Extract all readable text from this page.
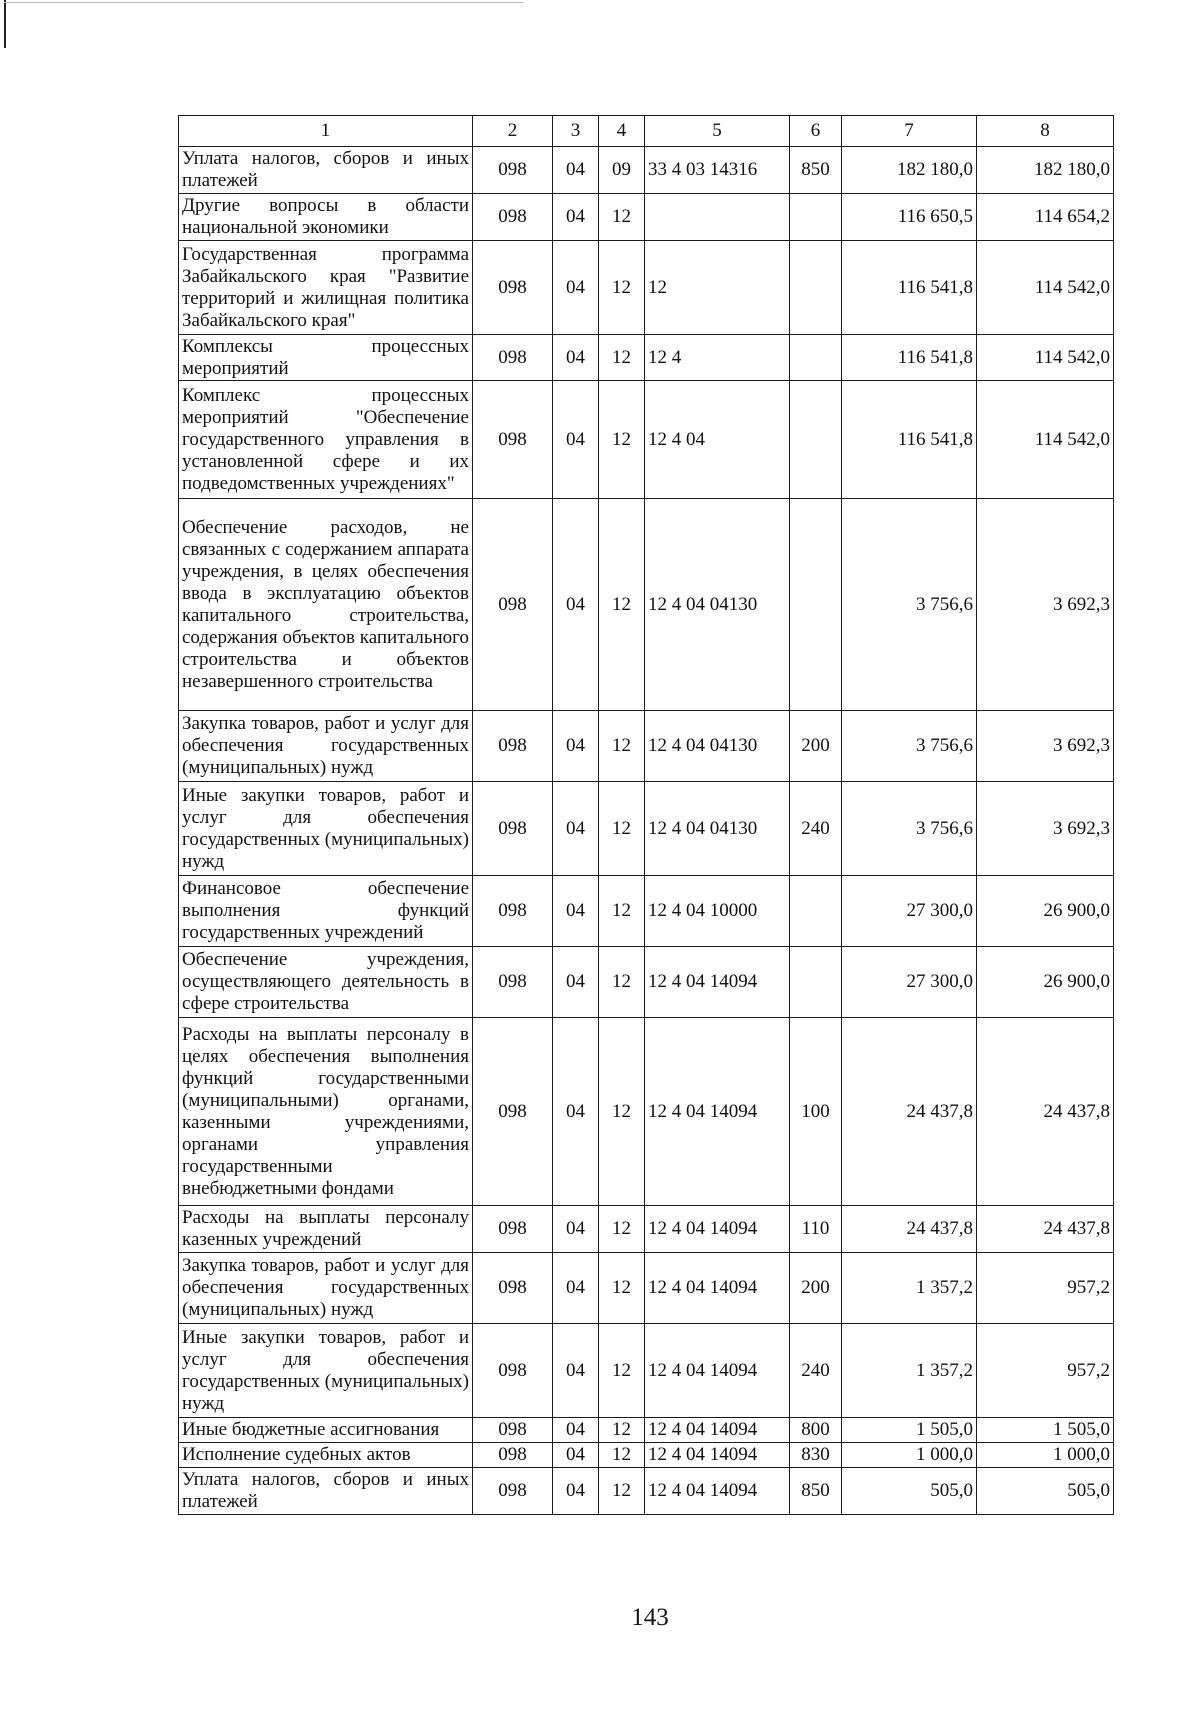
1	2	3	4	5	6	7	8
Уплата налогов, сборов и иных платежей	098	04	09	33 4 03 14316	850	182 180,0	182 180,0
Другие вопросы в области национальной экономики	098	04	12			116 650,5	114 654,2
Государственная программа Забайкальского края "Развитие территорий и жилищная политика Забайкальского края"	098	04	12	12		116 541,8	114 542,0
Комплексы процессных мероприятий	098	04	12	12 4		116 541,8	114 542,0
Комплекс процессных мероприятий "Обеспечение государственного управления в установленной сфере и их подведомственных учреждениях"	098	04	12	12 4 04		116 541,8	114 542,0
Обеспечение расходов, не связанных с содержанием аппарата учреждения, в целях обеспечения ввода в эксплуатацию объектов капитального строительства, содержания объектов капитального строительства и объектов незавершенного строительства	098	04	12	12 4 04 04130		3 756,6	3 692,3
Закупка товаров, работ и услуг для обеспечения государственных (муниципальных) нужд	098	04	12	12 4 04 04130	200	3 756,6	3 692,3
Иные закупки товаров, работ и услуг для обеспечения государственных (муниципальных) нужд	098	04	12	12 4 04 04130	240	3 756,6	3 692,3
Финансовое обеспечение выполнения функций государственных учреждений	098	04	12	12 4 04 10000		27 300,0	26 900,0
Обеспечение учреждения, осуществляющего деятельность в сфере строительства	098	04	12	12 4 04 14094		27 300,0	26 900,0
Расходы на выплаты персоналу в целях обеспечения выполнения функций государственными (муниципальными) органами, казенными учреждениями, органами управления государственными внебюджетными фондами	098	04	12	12 4 04 14094	100	24 437,8	24 437,8
Расходы на выплаты персоналу казенных учреждений	098	04	12	12 4 04 14094	110	24 437,8	24 437,8
Закупка товаров, работ и услуг для обеспечения государственных (муниципальных) нужд	098	04	12	12 4 04 14094	200	1 357,2	957,2
Иные закупки товаров, работ и услуг для обеспечения государственных (муниципальных) нужд	098	04	12	12 4 04 14094	240	1 357,2	957,2
Иные бюджетные ассигнования	098	04	12	12 4 04 14094	800	1 505,0	1 505,0
Исполнение судебных актов	098	04	12	12 4 04 14094	830	1 000,0	1 000,0
Уплата налогов, сборов и иных платежей	098	04	12	12 4 04 14094	850	505,0	505,0
143
